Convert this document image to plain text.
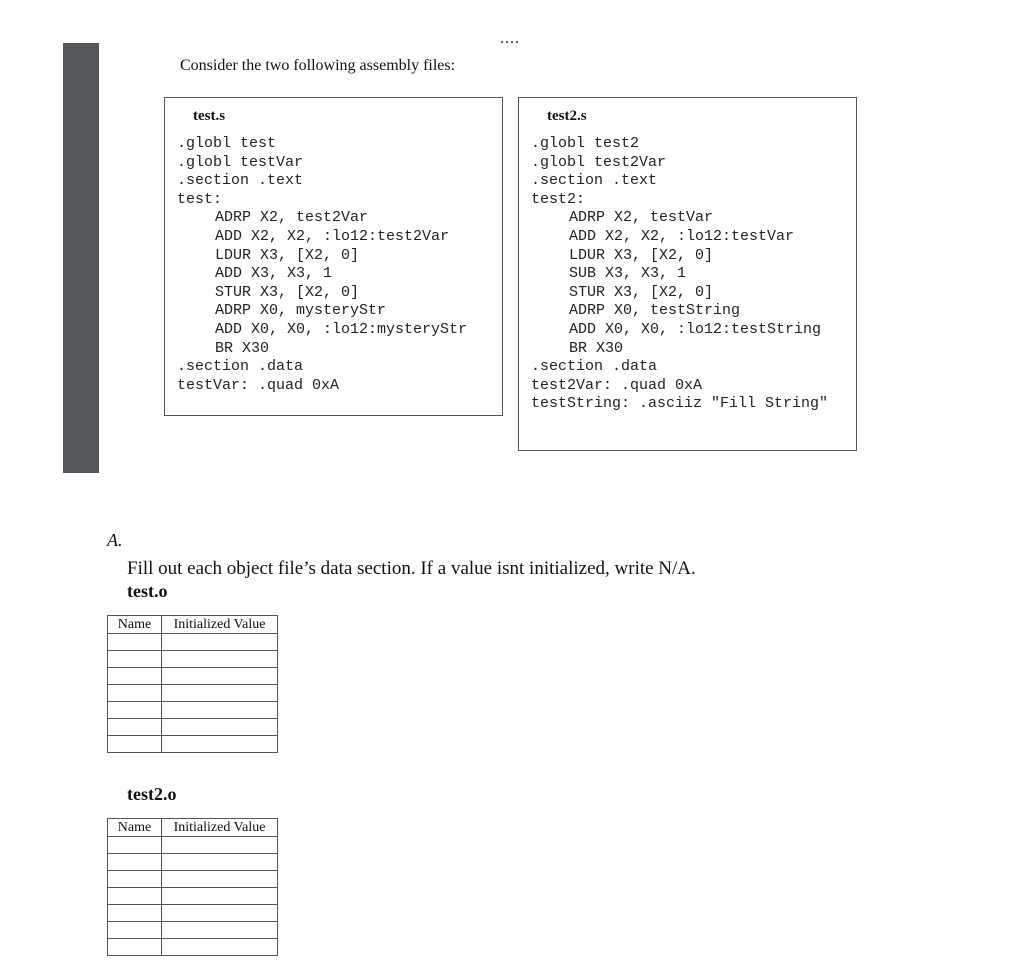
....
Consider the two following assembly files:
test.s
.globl test
.globl testVar
.section .text
test:
ADRP X2, test2Var
ADD X2, X2, :lo12:test2Var
LDUR X3, [X2, 0]
ADD X3, X3, 1
STUR X3, [X2, 0]
ADRP X0, mysteryStr
ADD X0, X0, :lo12:mysteryStr
BR X30
.section .data
testVar: .quad 0xA
test2.s
.globl test2
.globl test2Var
.section .text
test2:
ADRP X2, testVar
ADD X2, X2, :lo12:testVar
LDUR X3, [X2, 0]
SUB X3, X3, 1
STUR X3, [X2, 0]
ADRP X0, testString
ADD X0, X0, :lo12:testString
BR X30
.section .data
test2Var: .quad 0xA
testString: .asciiz "Fill String"
A.
Fill out each object file’s data section. If a value isnt initialized, write N/A.
test.o
Name	Initialized Value

test2.o
Name	Initialized Value
